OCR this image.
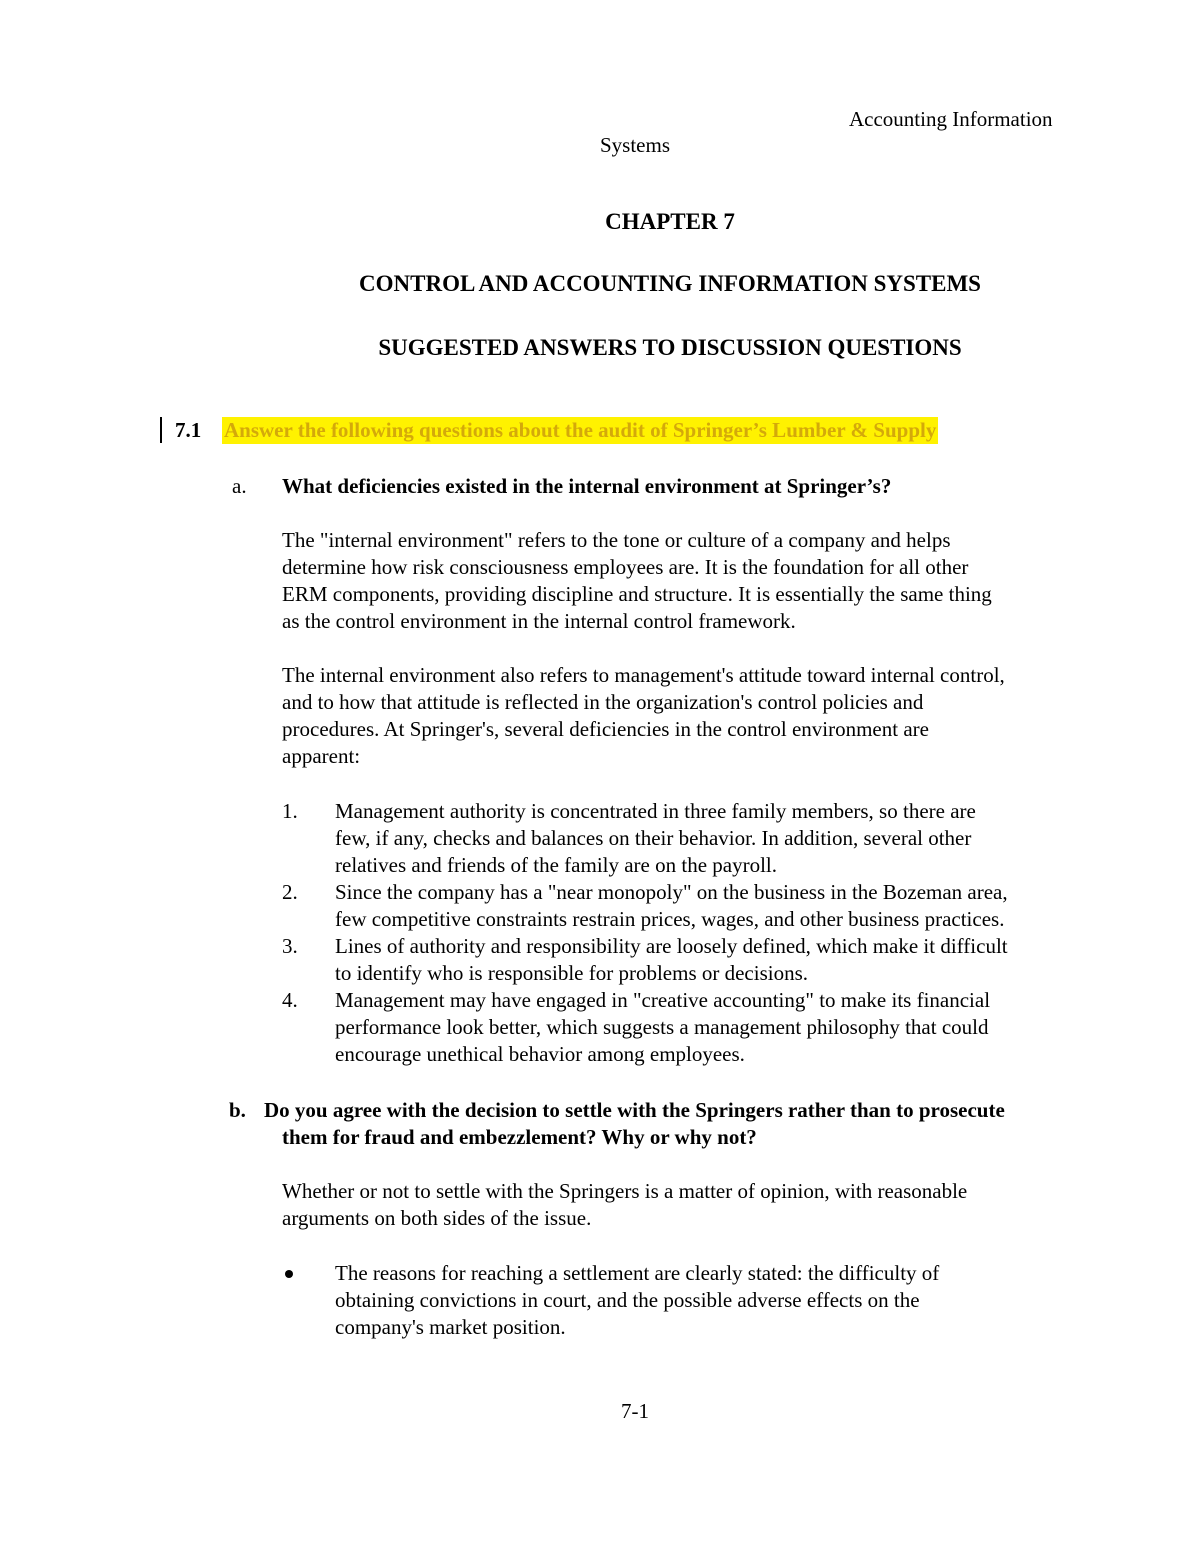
Accounting Information

Systems

CHAPTER 7

CONTROL AND ACCOUNTING INFORMATION SYSTEMS

SUGGESTED ANSWERS TO DISCUSSION QUESTIONS

7.1 Answer the following questions about the audit of Springer’s Lumber & Supply

a. What deficiencies existed in the internal environment at Springer’s?

The "internal environment" refers to the tone or culture of a company and helps

determine how risk consciousness employees are. It is the foundation for all other

ERM components, providing discipline and structure. It is essentially the same thing

as the control environment in the internal control framework.

The internal environment also refers to management's attitude toward internal control,

and to how that attitude is reflected in the organization's control policies and

procedures. At Springer's, several deficiencies in the control environment are

apparent:

1. Management authority is concentrated in three family members, so there are

few, if any, checks and balances on their behavior. In addition, several other

relatives and friends of the family are on the payroll.

2. Since the company has a "near monopoly" on the business in the Bozeman area,

few competitive constraints restrain prices, wages, and other business practices.

3. Lines of authority and responsibility are loosely defined, which make it difficult

to identify who is responsible for problems or decisions.

4. Management may have engaged in "creative accounting" to make its financial

performance look better, which suggests a management philosophy that could

encourage unethical behavior among employees.

b. Do you agree with the decision to settle with the Springers rather than to prosecute

them for fraud and embezzlement? Why or why not?

Whether or not to settle with the Springers is a matter of opinion, with reasonable

arguments on both sides of the issue.

The reasons for reaching a settlement are clearly stated: the difficulty of

obtaining convictions in court, and the possible adverse effects on the

company's market position.

7-1
